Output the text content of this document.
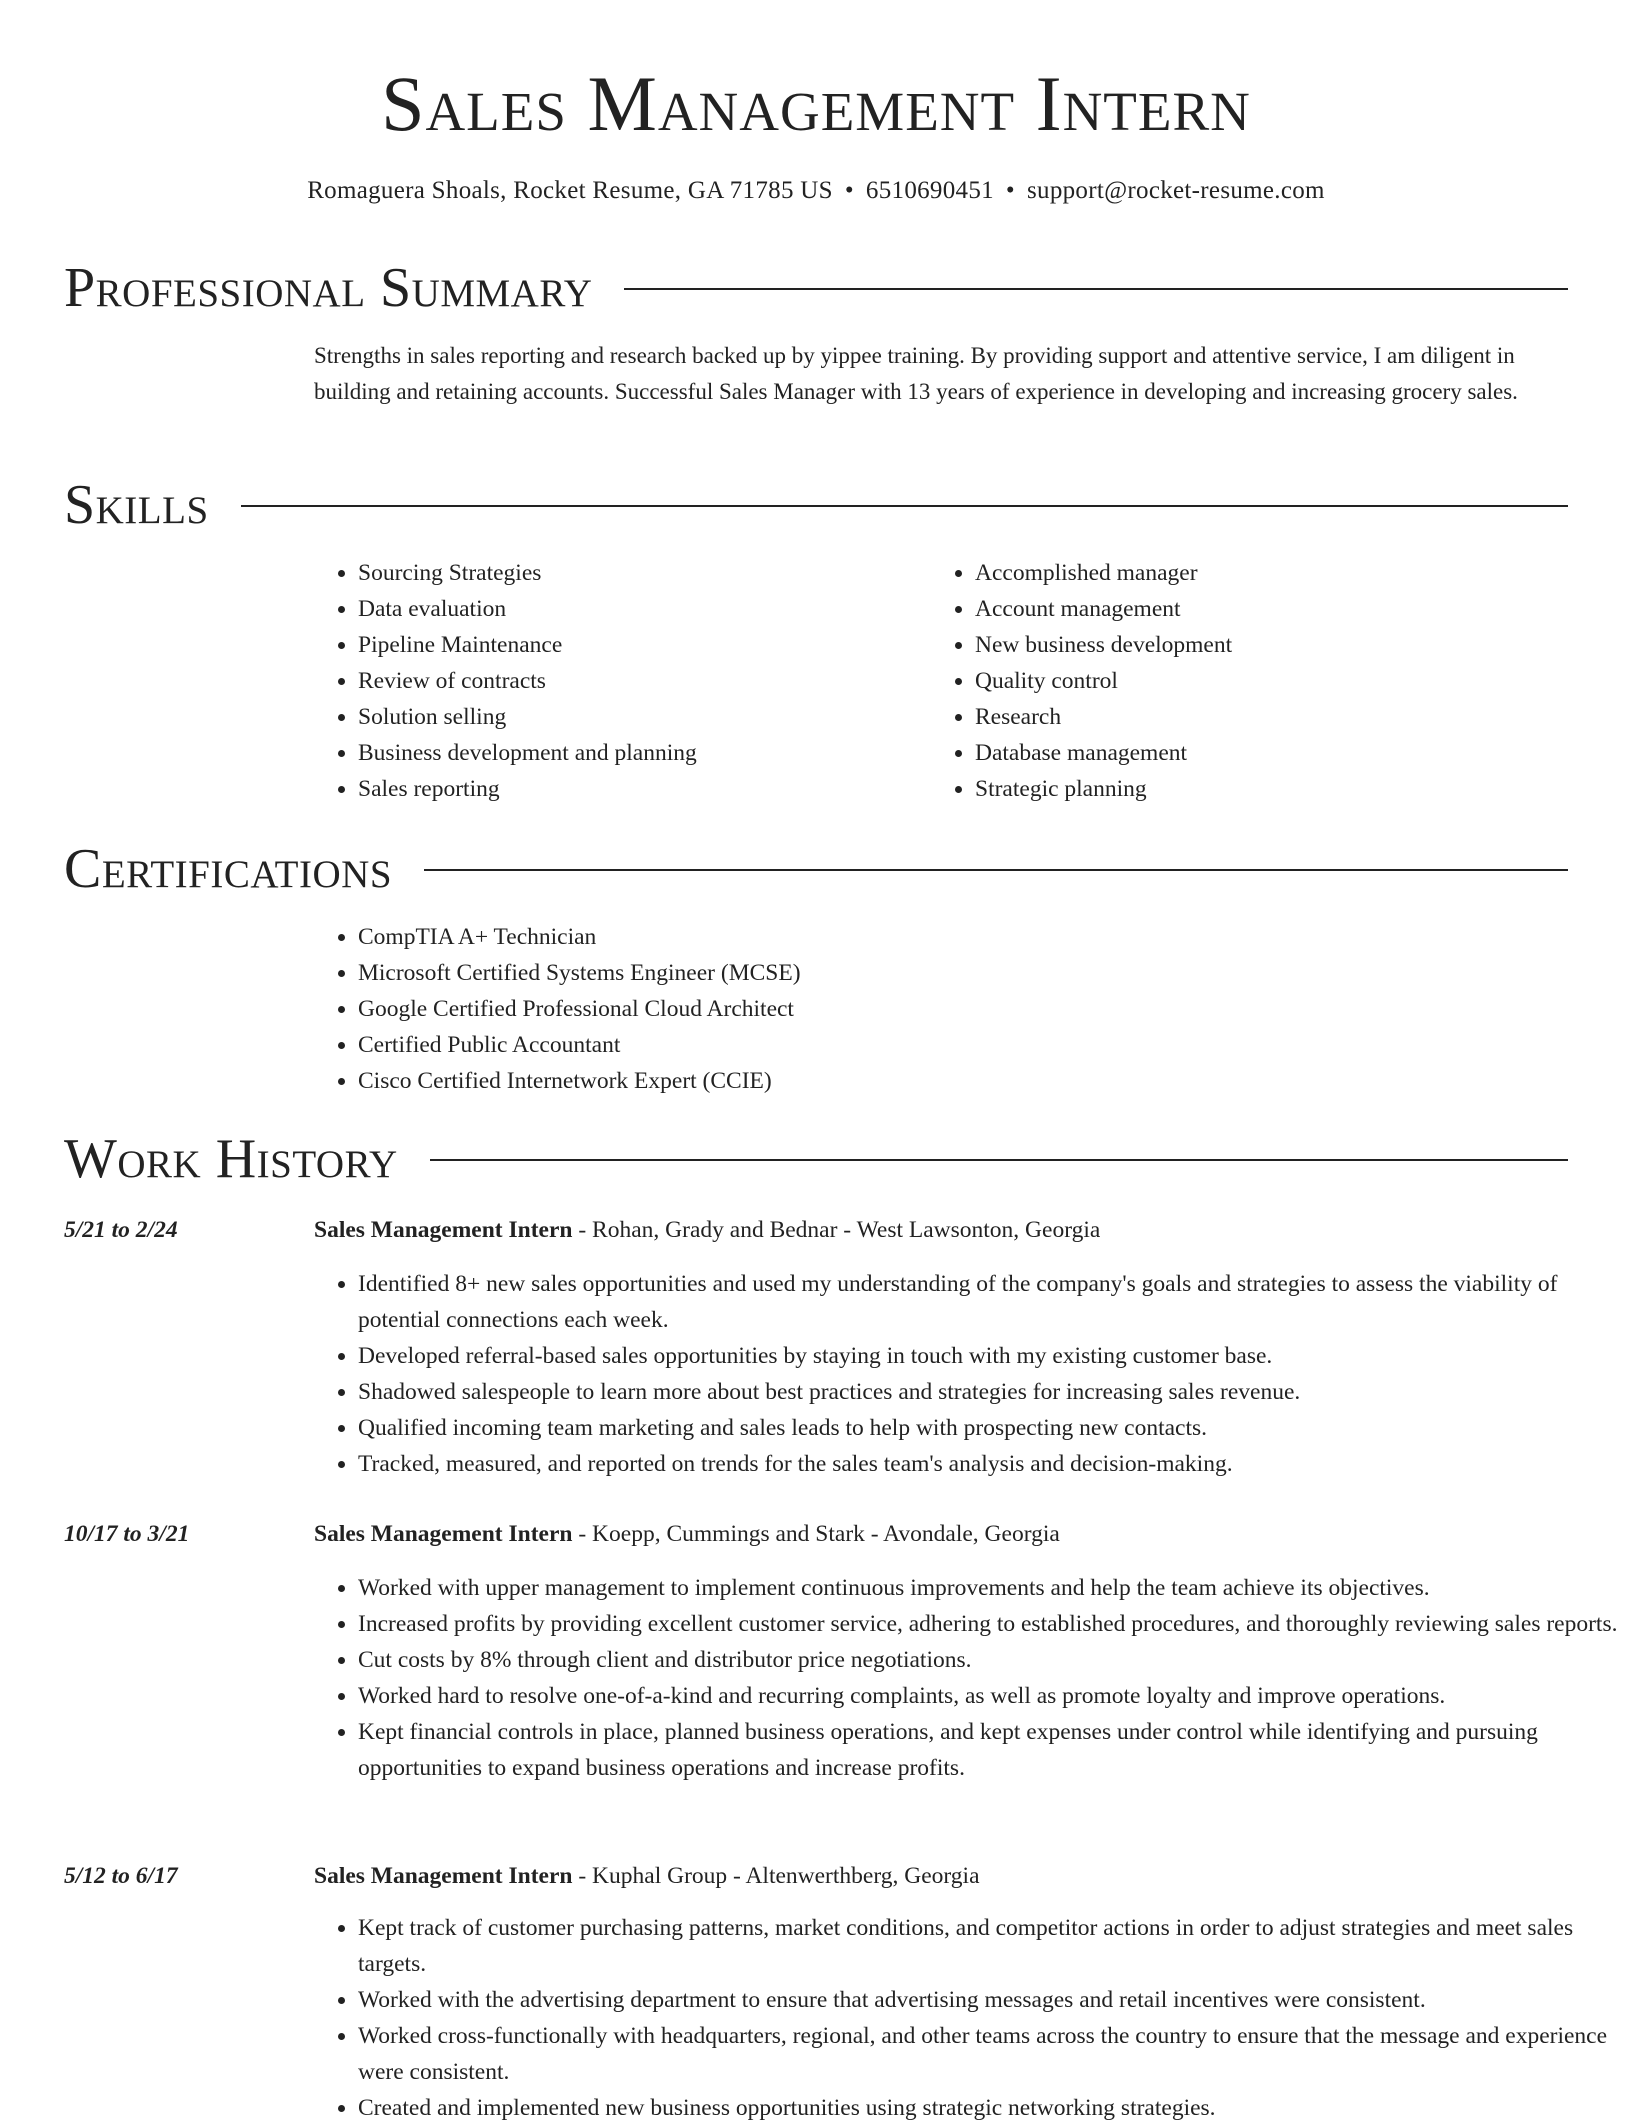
Sales Management Intern
Romaguera Shoals, Rocket Resume, GA 71785 US • 6510690451 • support@rocket-resume.com
Professional Summary

Strengths in sales reporting and research backed up by yippee training. By providing support and attentive service, I am diligent in building and retaining accounts. Successful Sales Manager with 13 years of experience in developing and increasing grocery sales.

Skills
• Sourcing Strategies
• Data evaluation
• Pipeline Maintenance
• Review of contracts
• Solution selling
• Business development and planning
• Sales reporting
• Accomplished manager
• Account management
• New business development
• Quality control
• Research
• Database management
• Strategic planning
Certifications
• CompTIA A+ Technician
• Microsoft Certified Systems Engineer (MCSE)
• Google Certified Professional Cloud Architect
• Certified Public Accountant
• Cisco Certified Internetwork Expert (CCIE)
Work History
5/21 to 2/24	Sales Management Intern - Rohan, Grady and Bednar - West Lawsonton, Georgia
• Identified 8+ new sales opportunities and used my understanding of the company's goals and strategies to assess the viability of potential connections each week.
• Developed referral-based sales opportunities by staying in touch with my existing customer base.
• Shadowed salespeople to learn more about best practices and strategies for increasing sales revenue.
• Qualified incoming team marketing and sales leads to help with prospecting new contacts.
• Tracked, measured, and reported on trends for the sales team's analysis and decision-making.
10/17 to 3/21	Sales Management Intern - Koepp, Cummings and Stark - Avondale, Georgia
• Worked with upper management to implement continuous improvements and help the team achieve its objectives.
• Increased profits by providing excellent customer service, adhering to established procedures, and thoroughly reviewing sales reports.
• Cut costs by 8% through client and distributor price negotiations.
• Worked hard to resolve one-of-a-kind and recurring complaints, as well as promote loyalty and improve operations.
• Kept financial controls in place, planned business operations, and kept expenses under control while identifying and pursuing opportunities to expand business operations and increase profits.
5/12 to 6/17	Sales Management Intern - Kuphal Group - Altenwerthberg, Georgia
• Kept track of customer purchasing patterns, market conditions, and competitor actions in order to adjust strategies and meet sales targets.
• Worked with the advertising department to ensure that advertising messages and retail incentives were consistent.
• Worked cross-functionally with headquarters, regional, and other teams across the country to ensure that the message and experience were consistent.
• Created and implemented new business opportunities using strategic networking strategies.
